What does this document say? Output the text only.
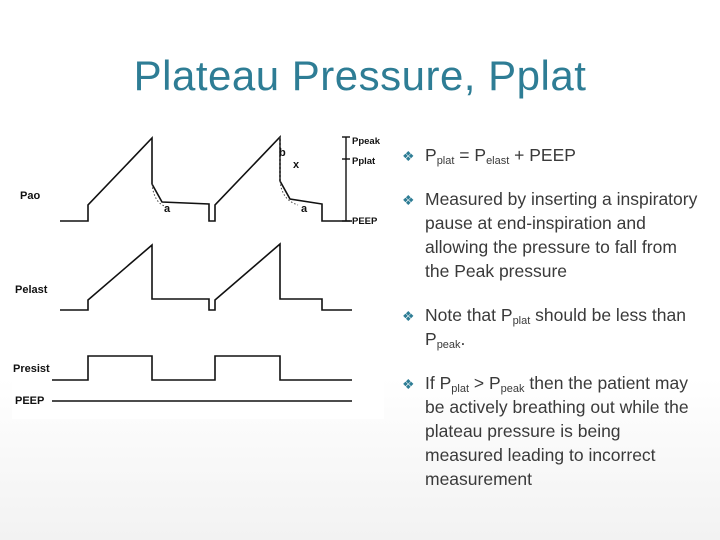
Plateau Pressure, Pplat
Pao
Pelast
Presist
PEEP
b
x
a	a
Ppeak
Pplat
PEEP
❖ $P_{plat} = P_{elast}$ + PEEP
❖ Measured by inserting a inspiratory pause at end-inspiration and allowing the pressure to fall from the Peak pressure
❖ Note that $P_{plat}$ should be less than $P_{peak}$.
❖ If $P_{plat} > P_{peak}$ then the patient may be actively breathing out while the plateau pressure is being measured leading to incorrect measurement
